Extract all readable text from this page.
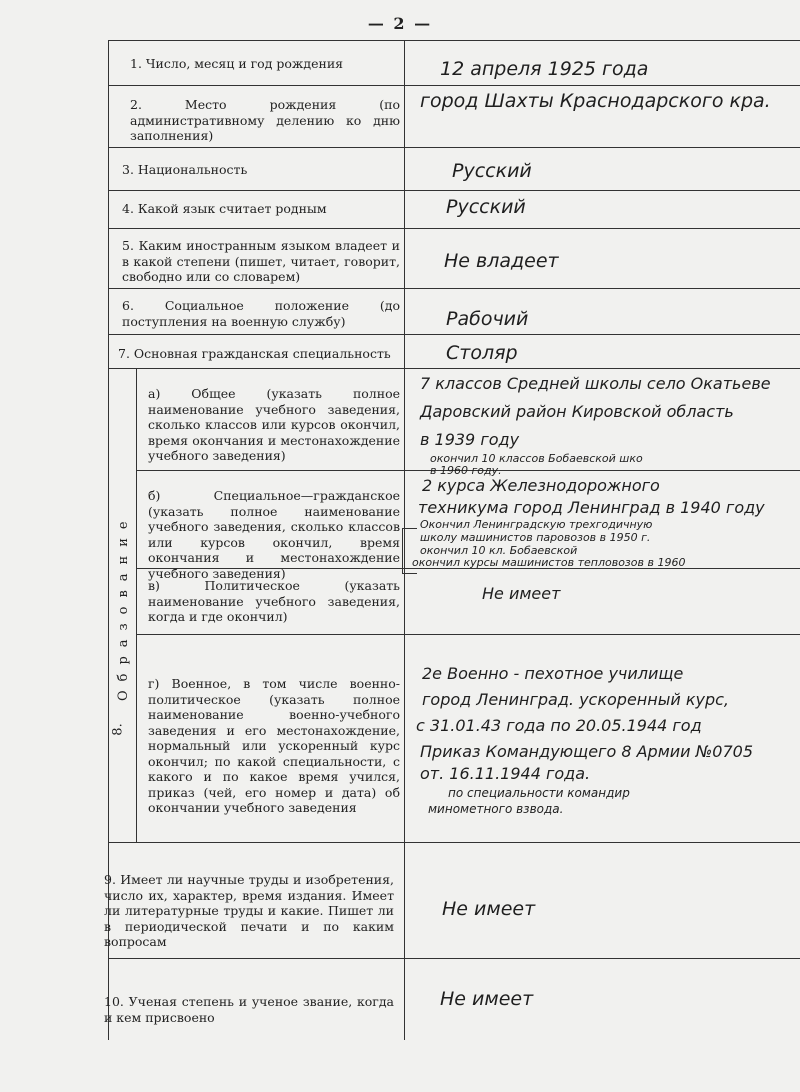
— 2 —
Образование
8.
1. Число, месяц и год рождения
2. Место рождения (по административному делению ко дню заполнения)
3. Национальность
4. Какой язык считает родным
5. Каким иностранным языком владеет и в какой степени (пишет, читает, говорит, свободно или со словарем)
6. Социальное положение (до поступления на военную службу)
7. Основная гражданская специальность
а) Общее (указать полное наименование учебного заведения, сколько классов или курсов окончил, время окончания и местонахождение учебного заведения)
б) Специальное—гражданское (указать полное наименование учебного заведения, сколько классов или курсов окончил, время окончания и местонахождение учебного заведения)
в) Политическое (указать наименование учебного заведения, когда и где окончил)
г) Военное, в том числе военно-политическое (указать полное наименование военно-учебного заведения и его местонахождение, нормальный или ускоренный курс окончил; по какой специальности, с какого и по какое время учился, приказ (чей, его номер и дата) об окончании учебного заведения
9. Имеет ли научные труды и изобретения, число их, характер, время издания. Имеет ли литературные труды и какие. Пишет ли в периодической печати и по каким вопросам
10. Ученая степень и ученое звание, когда и кем присвоено
12 апреля 1925 года
город Шахты Краснодарского кра.
Русский
Русский
Не владеет
Рабочий
Столяр
7 классов Средней школы село Окатьеве
Даровский район Кировской область
в 1939 году
окончил 10 классов Бобаевской шко
в 1960 году.
2 курса Железнодорожного
техникума город Ленинград в 1940 году
Окончил Ленинградскую трехгодичную
школу машинистов паровозов в 1950 г.
окончил 10 кл. Бобаевской
окончил курсы машинистов тепловозов в 1960
Не имеет
2е Военно - пехотное училище
город Ленинград. ускоренный курс,
с 31.01.43 года по 20.05.1944 год
Приказ Командующего 8 Армии №0705
от. 16.11.1944 года.
по специальности командир
минометного взвода.
Не имеет
Не имеет
